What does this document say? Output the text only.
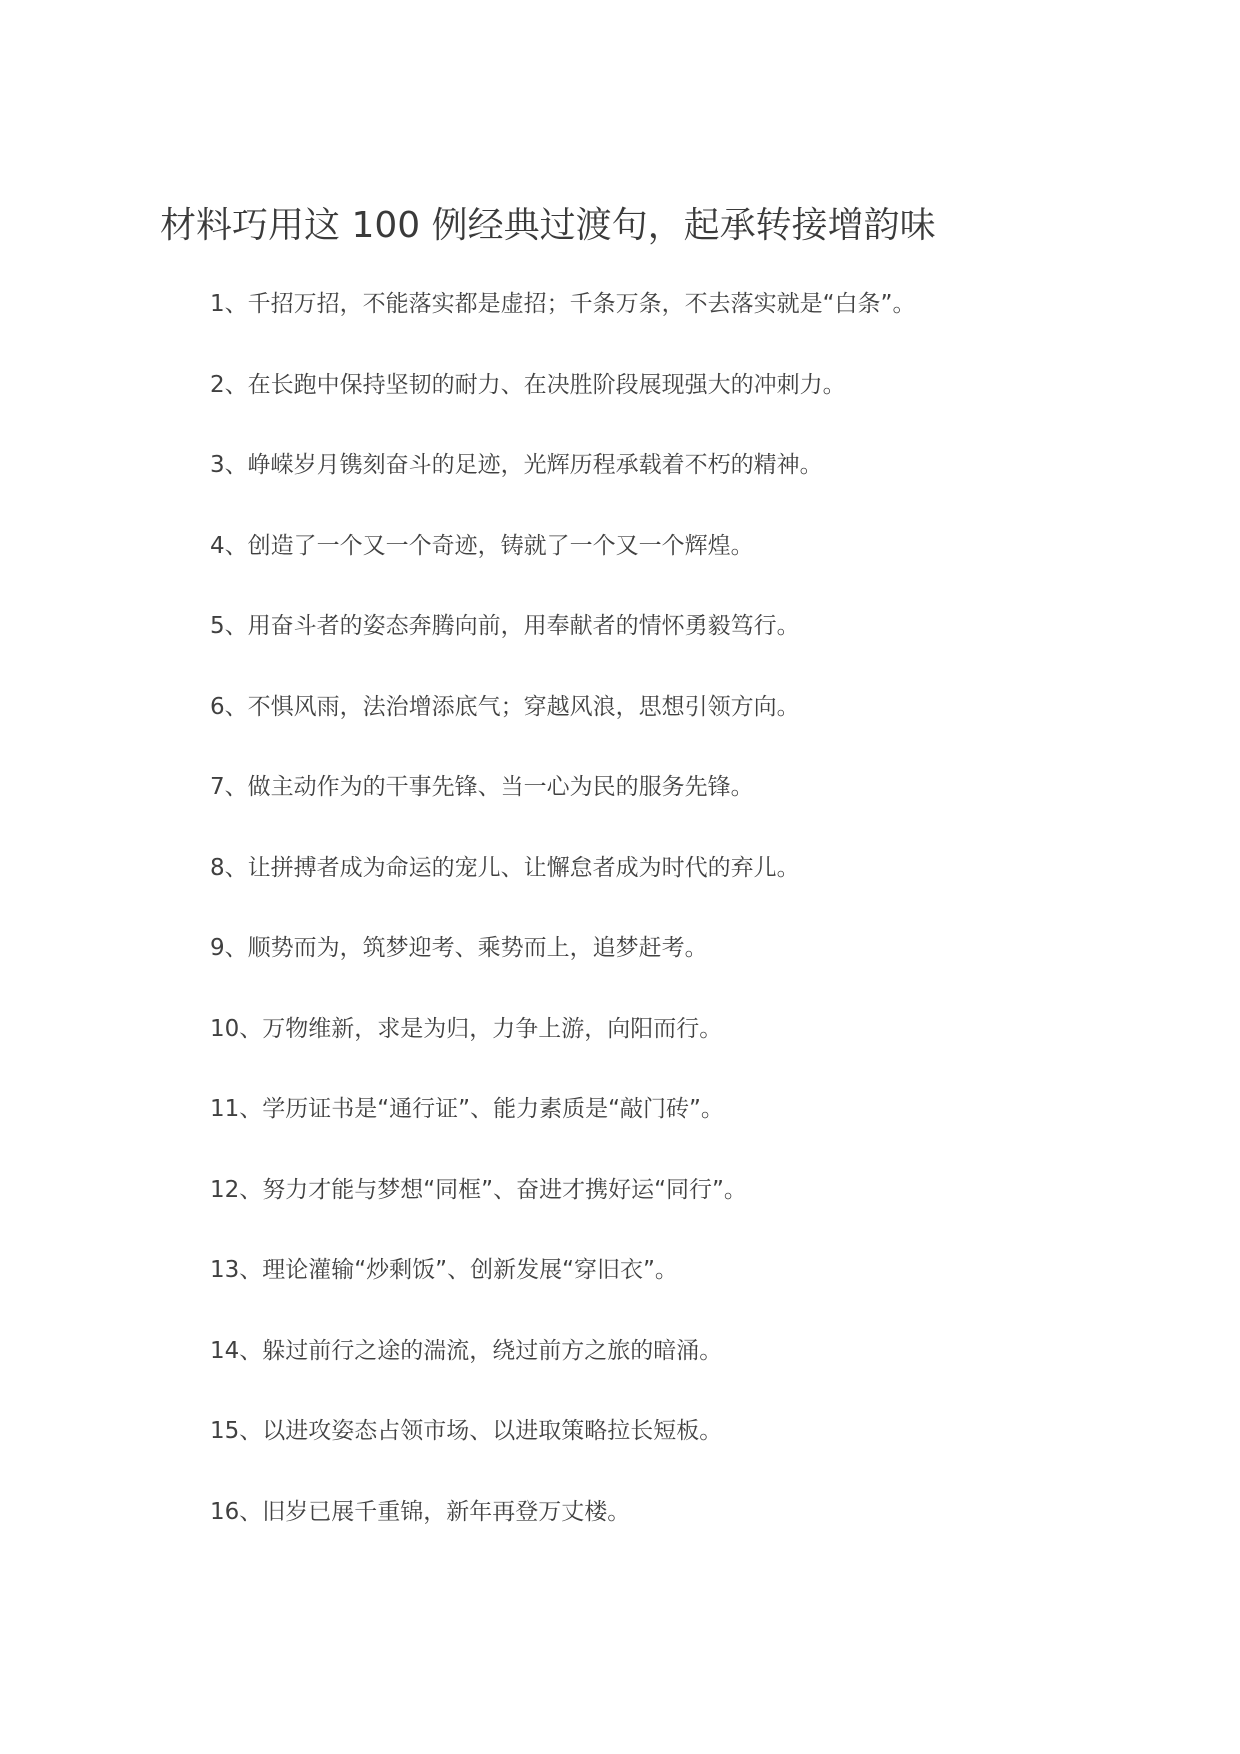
材料巧用这 100 例经典过渡句，起承转接增韵味
1、千招万招，不能落实都是虚招；千条万条，不去落实就是“白条”。
2、在长跑中保持坚韧的耐力、在决胜阶段展现强大的冲刺力。
3、峥嵘岁月镌刻奋斗的足迹，光辉历程承载着不朽的精神。
4、创造了一个又一个奇迹，铸就了一个又一个辉煌。
5、用奋斗者的姿态奔腾向前，用奉献者的情怀勇毅笃行。
6、不惧风雨，法治增添底气；穿越风浪，思想引领方向。
7、做主动作为的干事先锋、当一心为民的服务先锋。
8、让拼搏者成为命运的宠儿、让懈怠者成为时代的弃儿。
9、顺势而为，筑梦迎考、乘势而上，追梦赶考。
10、万物维新，求是为归，力争上游，向阳而行。
11、学历证书是“通行证”、能力素质是“敲门砖”。
12、努力才能与梦想“同框”、奋进才携好运“同行”。
13、理论灌输“炒剩饭”、创新发展“穿旧衣”。
14、躲过前行之途的湍流，绕过前方之旅的暗涌。
15、以进攻姿态占领市场、以进取策略拉长短板。
16、旧岁已展千重锦，新年再登万丈楼。
